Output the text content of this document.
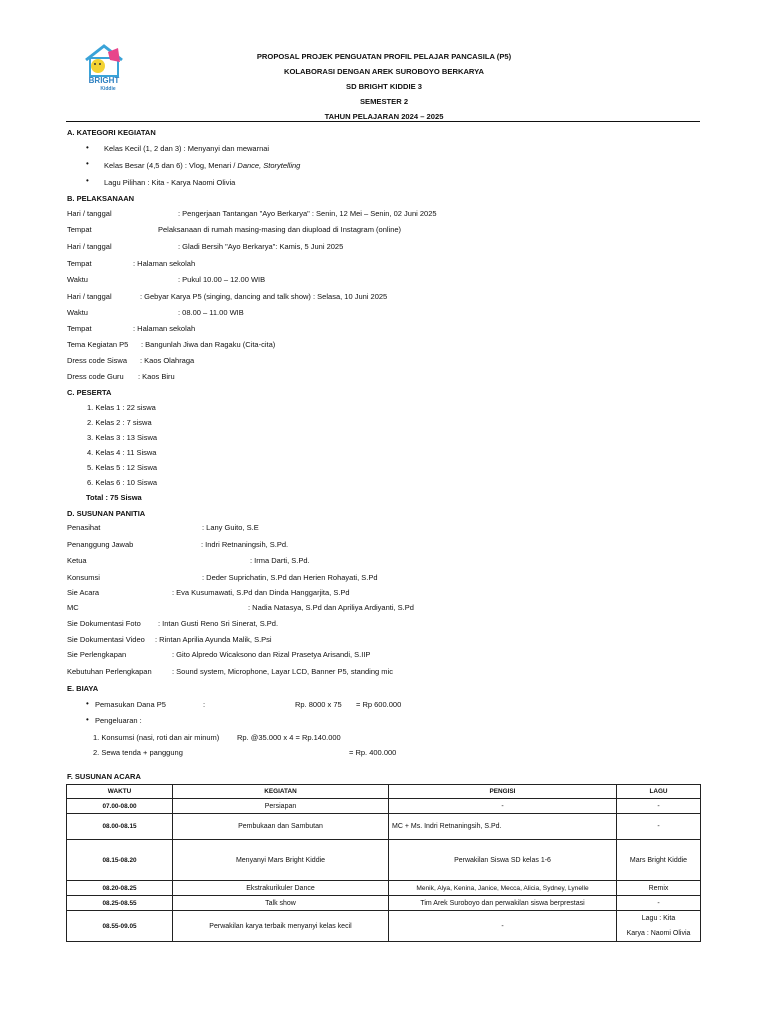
BRIGHT
Kiddie
PROPOSAL PROJEK PENGUATAN PROFIL PELAJAR PANCASILA (P5)
KOLABORASI DENGAN AREK SUROBOYO BERKARYA
SD BRIGHT KIDDIE 3
SEMESTER 2
TAHUN PELAJARAN 2024 – 2025
A. KATEGORI KEGIATAN
• Kelas Kecil (1, 2 dan 3) : Menyanyi dan mewarnai
• Kelas Besar (4,5 dan 6) : Vlog, Menari / Dance, Storytelling
• Lagu Pilihan : Kita - Karya Naomi Olivia
B. PELAKSANAAN
Hari / tanggal	: Pengerjaan Tantangan "Ayo Berkarya" : Senin, 12 Mei – Senin, 02 Juni 2025
Tempat	Pelaksanaan di rumah masing-masing dan diupload di Instagram (online)
Hari / tanggal	: Gladi Bersih "Ayo Berkarya": Kamis, 5 Juni 2025
Tempat	: Halaman sekolah
Waktu	: Pukul 10.00 – 12.00 WIB
Hari / tanggal	: Gebyar Karya P5 (singing, dancing and talk show) : Selasa, 10 Juni 2025
Waktu	: 08.00 – 11.00 WIB
Tempat	: Halaman sekolah
Tema Kegiatan P5 : Bangunlah Jiwa dan Ragaku (Cita-cita)
Dress code Siswa : Kaos Olahraga
Dress code Guru : Kaos Biru
C. PESERTA
1. Kelas 1 : 22 siswa
2. Kelas 2 : 7 siswa
3. Kelas 3 : 13 Siswa
4. Kelas 4 : 11 Siswa
5. Kelas 5 : 12 Siswa
6. Kelas 6 : 10 Siswa
Total : 75 Siswa
D. SUSUNAN PANITIA
Penasihat	: Lany Guito, S.E
Penanggung Jawab	: Indri Retnaningsih, S.Pd.
Ketua	: Irma Darti, S.Pd.
Konsumsi	: Deder Suprichatin, S.Pd dan Herien Rohayati, S.Pd
Sie Acara	: Eva Kusumawati, S.Pd dan Dinda Hanggarjita, S.Pd
MC	: Nadia Natasya, S.Pd dan Apriliya Ardiyanti, S.Pd
Sie Dokumentasi Foto : Intan Gusti Reno Sri Sinerat, S.Pd.
Sie Dokumentasi Video : Rintan Aprilia Ayunda Malik, S.Psi
Sie Perlengkapan	: Gito Alpredo Wicaksono dan Rizal Prasetya Arisandi, S.IIP
Kebutuhan Perlengkapan	: Sound system, Microphone, Layar LCD, Banner P5, standing mic
E. BIAYA
• Pemasukan Dana P5	:	Rp. 8000 x 75 = Rp 600.000
• Pengeluaran :
1. Konsumsi (nasi, roti dan air minum) Rp. @35.000 x 4 = Rp.140.000
2. Sewa tenda + panggung	= Rp. 400.000
F. SUSUNAN ACARA
WAKTU	KEGIATAN	PENGISI	LAGU
07.00-08.00	Persiapan	-	-
08.00-08.15	Pembukaan dan Sambutan	MC + Ms. Indri Retnaningsih, S.Pd.	-
08.15-08.20	Menyanyi Mars Bright Kiddie	Perwakilan Siswa SD kelas 1-6	Mars Bright Kiddie
08.20-08.25	Ekstrakurikuler Dance	Menik, Alya, Kenina, Janice, Mecca, Alicia, Sydney, Lynelle	Remix
08.25-08.55	Talk show	Tim Arek Suroboyo dan perwakilan siswa berprestasi	-
08.55-09.05	Perwakilan karya terbaik menyanyi kelas kecil	-	Lagu : Kita
Karya : Naomi Olivia
